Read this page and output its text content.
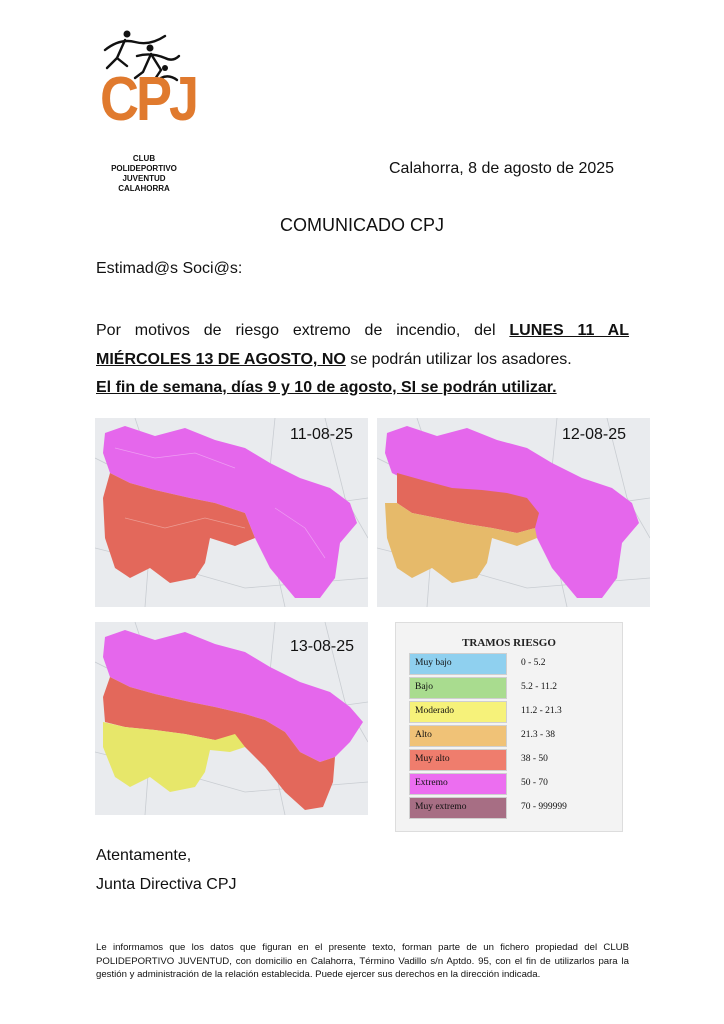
CPJ
CLUB POLIDEPORTIVO
JUVENTUD
CALAHORRA
Calahorra, 8 de agosto de 2025
COMUNICADO CPJ
Estimad@s Soci@s:
Por motivos de riesgo extremo de incendio, del LUNES 11 AL MIÉRCOLES 13 DE AGOSTO, NO se podrán utilizar los asadores.
El fin de semana, días 9 y 10 de agosto, SI se podrán utilizar.
11-08-25	12-08-25
13-08-25	TRAMOS RIESGO
Muy bajo	0 - 5.2
Bajo	5.2 - 11.2
Moderado	11.2 - 21.3
Alto	21.3 - 38
Muy alto	38 - 50
Extremo	50 - 70
Muy extremo	70 - 999999
Atentamente,
Junta Directiva CPJ
Le informamos que los datos que figuran en el presente texto, forman parte de un fichero propiedad del CLUB POLIDEPORTIVO JUVENTUD, con domicilio en Calahorra, Término Vadillo s/n Aptdo. 95, con el fin de utilizarlos para la gestión y administración de la relación establecida. Puede ejercer sus derechos en la dirección indicada.
